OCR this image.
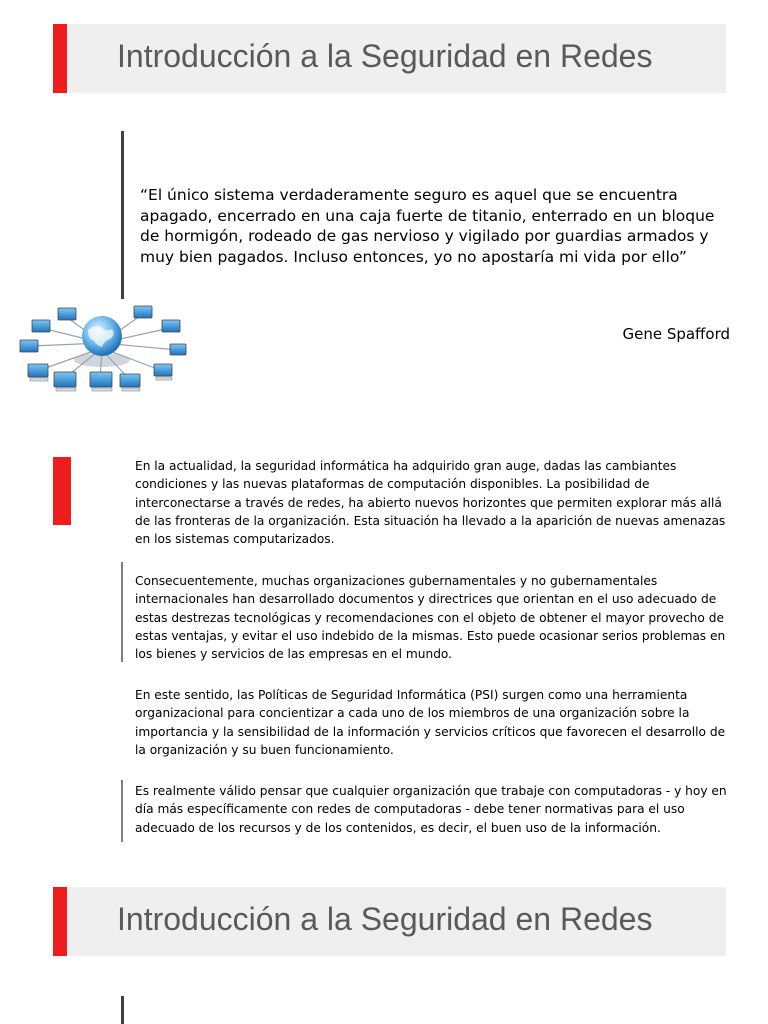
Introducción a la Seguridad en Redes
“El único sistema verdaderamente seguro es aquel que se encuentra apagado, encerrado en una caja fuerte de titanio, enterrado en un bloque de hormigón, rodeado de gas nervioso y vigilado por guardias armados y muy bien pagados. Incluso entonces, yo no apostaría mi vida por ello”
Gene Spafford
En la actualidad, la seguridad informática ha adquirido gran auge, dadas las cambiantes condiciones y las nuevas plataformas de computación disponibles. La posibilidad de interconectarse a través de redes, ha abierto nuevos horizontes que permiten explorar más allá de las fronteras de la organización. Esta situación ha llevado a la aparición de nuevas amenazas en los sistemas computarizados.
Consecuentemente, muchas organizaciones gubernamentales y no gubernamentales internacionales han desarrollado documentos y directrices que orientan en el uso adecuado de estas destrezas tecnológicas y recomendaciones con el objeto de obtener el mayor provecho de estas ventajas, y evitar el uso indebido de la mismas. Esto puede ocasionar serios problemas en los bienes y servicios de las empresas en el mundo.
En este sentido, las Políticas de Seguridad Informática (PSI) surgen como una herramienta organizacional para concientizar a cada uno de los miembros de una organización sobre la importancia y la sensibilidad de la información y servicios críticos que favorecen el desarrollo de la organización y su buen funcionamiento.
Es realmente válido pensar que cualquier organización que trabaje con computadoras - y hoy en día más específicamente con redes de computadoras - debe tener normativas para el uso adecuado de los recursos y de los contenidos, es decir, el buen uso de la información.
Introducción a la Seguridad en Redes
